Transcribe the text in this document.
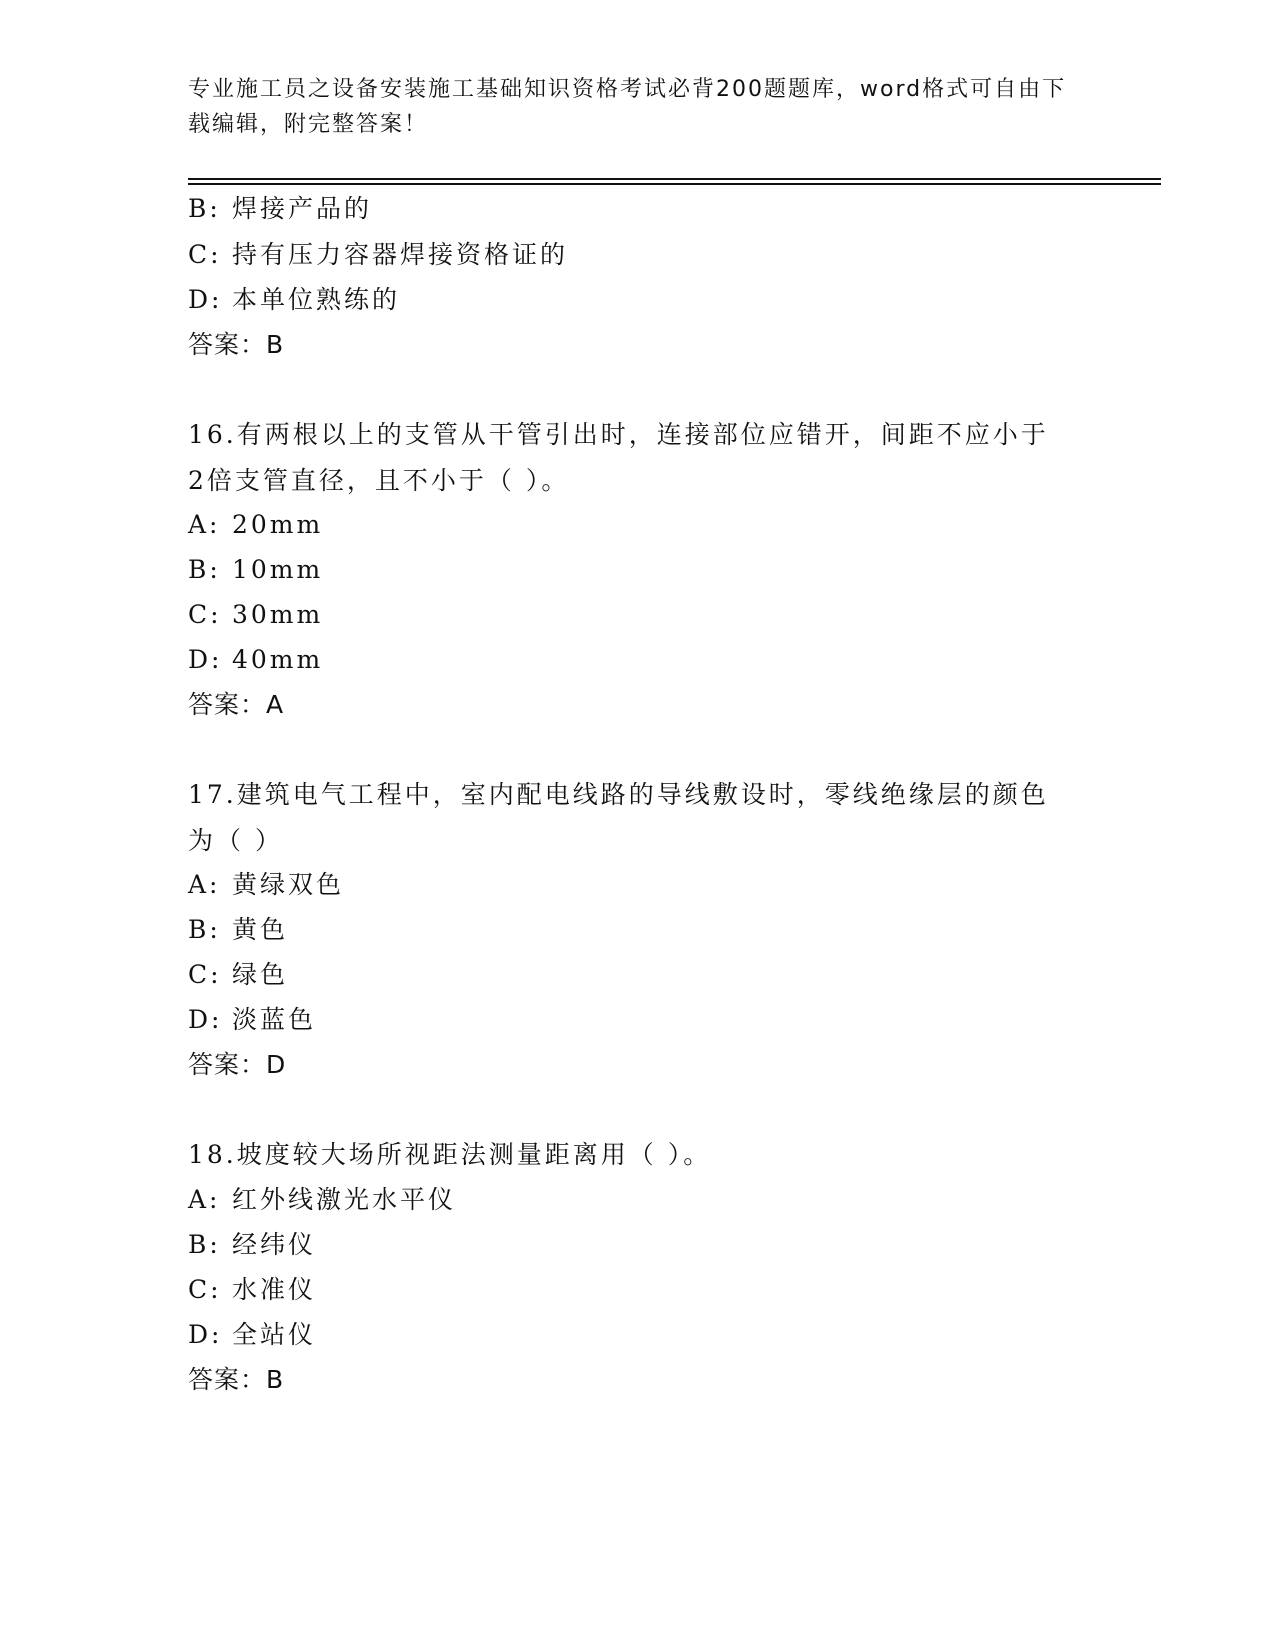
专业施工员之设备安装施工基础知识资格考试必背200题题库，word格式可自由下载编辑，附完整答案！
B: 焊接产品的
C: 持有压力容器焊接资格证的
D: 本单位熟练的
答案：B
16.有两根以上的支管从干管引出时，连接部位应错开，间距不应小于
2倍支管直径，且不小于（ ）。
A: 20mm
B: 10mm
C: 30mm
D: 40mm
答案：A
17.建筑电气工程中，室内配电线路的导线敷设时，零线绝缘层的颜色
为（ ）
A: 黄绿双色
B: 黄色
C: 绿色
D: 淡蓝色
答案：D
18.坡度较大场所视距法测量距离用（ ）。
A: 红外线激光水平仪
B: 经纬仪
C: 水准仪
D: 全站仪
答案：B
